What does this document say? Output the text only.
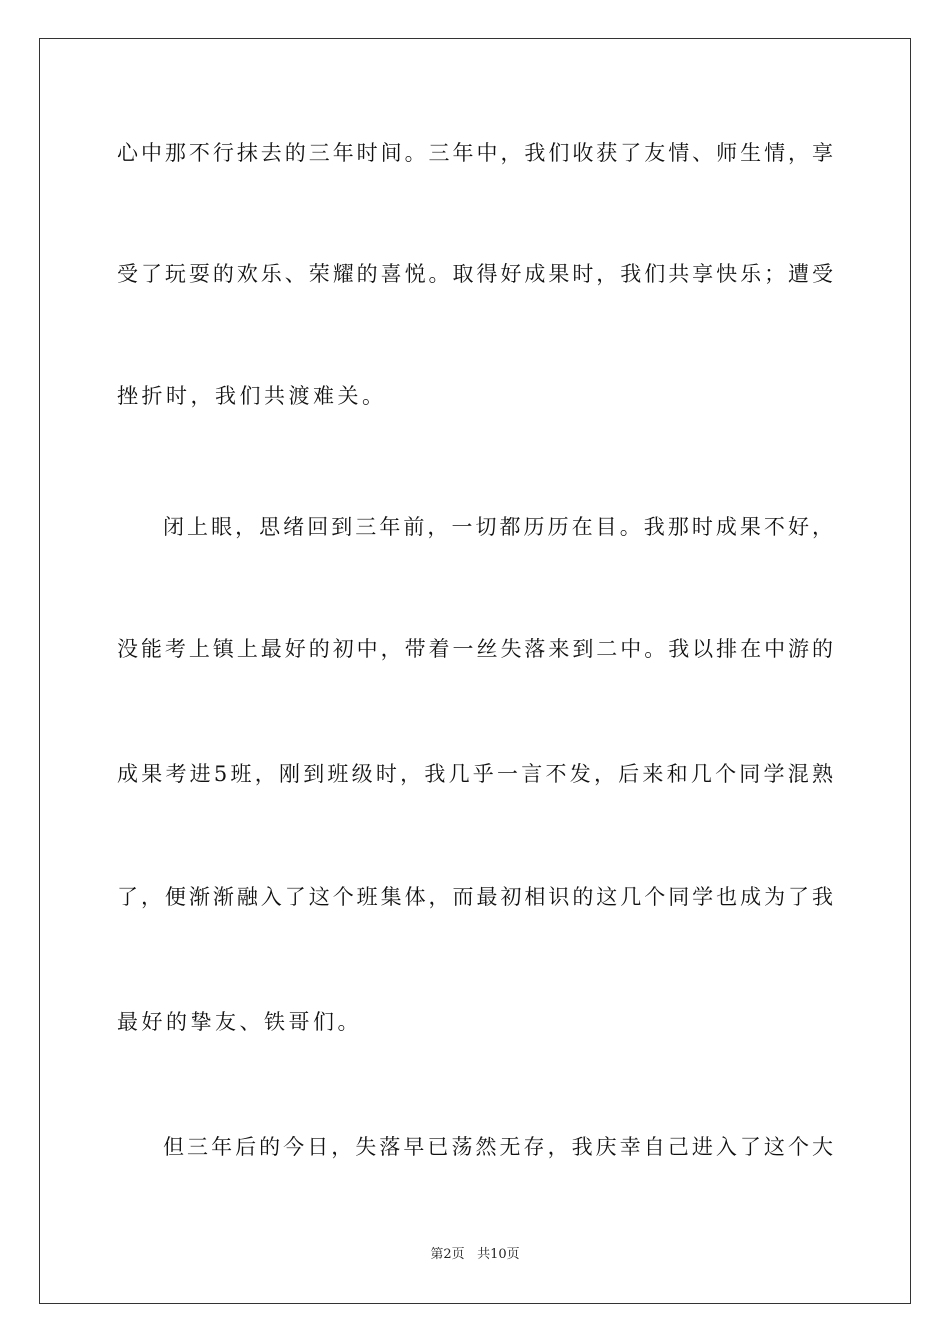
心中那不行抹去的三年时间。三年中，我们收获了友情、师生情，享
受了玩耍的欢乐、荣耀的喜悦。取得好成果时，我们共享快乐；遭受
挫折时，我们共渡难关。
闭上眼，思绪回到三年前，一切都历历在目。我那时成果不好，
没能考上镇上最好的初中，带着一丝失落来到二中。我以排在中游的
成果考进5班，刚到班级时，我几乎一言不发，后来和几个同学混熟
了，便渐渐融入了这个班集体，而最初相识的这几个同学也成为了我
最好的挚友、铁哥们。
但三年后的今日，失落早已荡然无存，我庆幸自己进入了这个大
第2页 共10页
